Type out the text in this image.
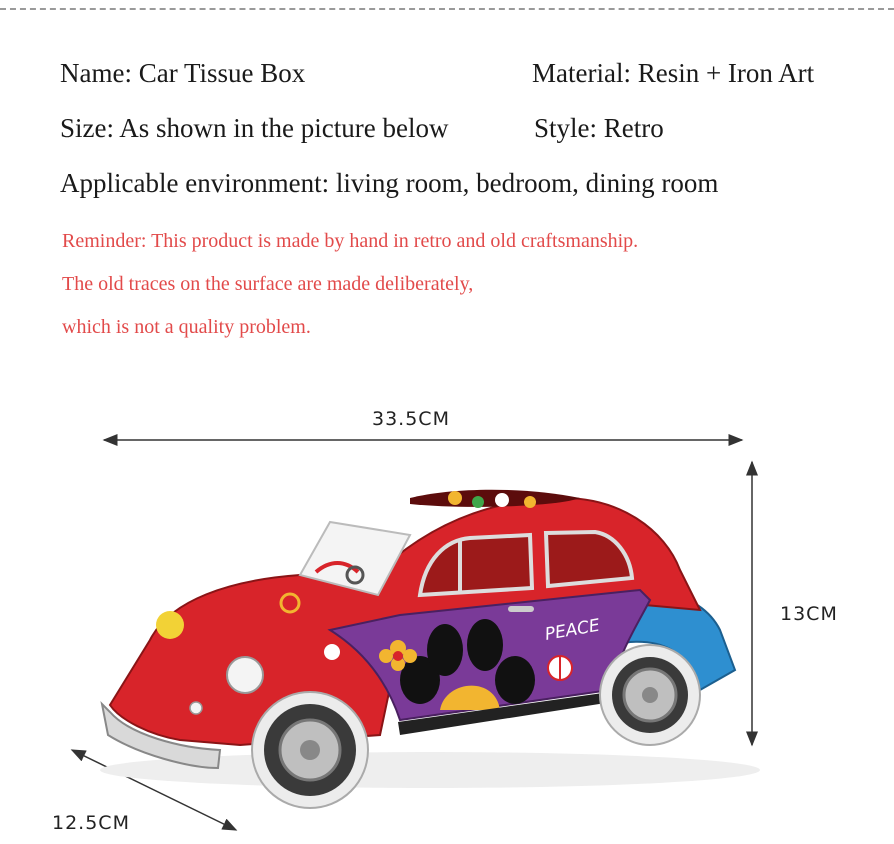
Name: Car Tissue Box	Material: Resin + Iron Art
Size: As shown in the picture below	Style: Retro
Applicable environment: living room, bedroom, dining room
Reminder: This product is made by hand in retro and old craftsmanship.
The old traces on the surface are made deliberately,
which is not a quality problem.
33.5CM
13CM
12.5CM
PEACE
